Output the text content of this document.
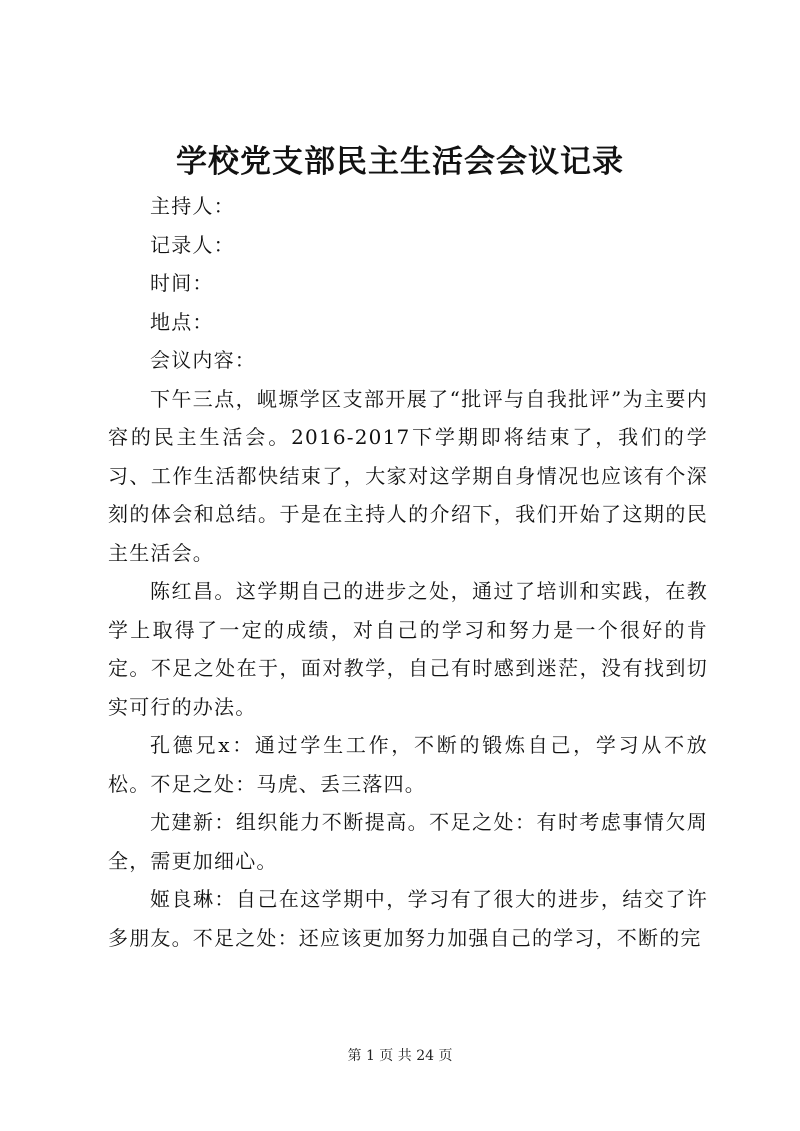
学校党支部民主生活会会议记录

主持人：

记录人：

时间：

地点：

会议内容：

下午三点，岘塬学区支部开展了“批评与自我批评”为主要内容的民主生活会。2016-2017下学期即将结束了，我们的学习、工作生活都快结束了，大家对这学期自身情况也应该有个深刻的体会和总结。于是在主持人的介绍下，我们开始了这期的民主生活会。

陈红昌。这学期自己的进步之处，通过了培训和实践，在教学上取得了一定的成绩，对自己的学习和努力是一个很好的肯定。不足之处在于，面对教学，自己有时感到迷茫，没有找到切实可行的办法。

孔德兄x：通过学生工作，不断的锻炼自己，学习从不放松。不足之处：马虎、丢三落四。

尤建新：组织能力不断提高。不足之处：有时考虑事情欠周全，需更加细心。

姬良琳：自己在这学期中，学习有了很大的进步，结交了许多朋友。不足之处：还应该更加努力加强自己的学习，不断的完

第 1 页 共 24 页
